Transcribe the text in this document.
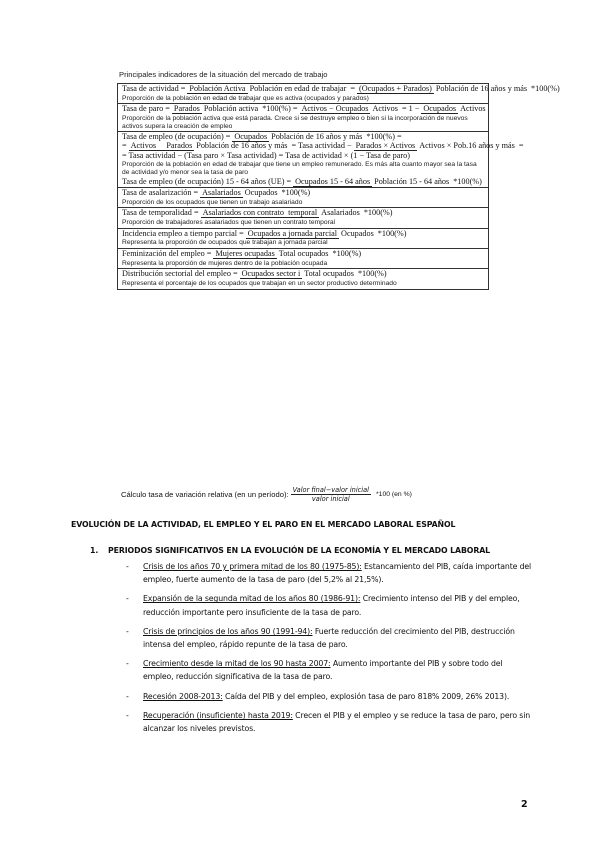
Principales indicadores de la situación del mercado de trabajo
Tasa de actividad = Población Activa Población en edad de trabajar = (Ocupados + Parados) Población de 16 años y más *100(%)
Proporción de la población en edad de trabajar que es activa (ocupados y parados)
Tasa de paro = Parados Población activa *100(%) = Activos − Ocupados Activos = 1 − Ocupados Activos
Proporción de la población activa que está parada. Crece si se destruye empleo o bien si la incorporación de nuevos activos supera la creación de empleo
Tasa de empleo (de ocupación) = Ocupados Población de 16 años y más *100(%) =
= Activos     Parados Población de 16 años y más = Tasa actividad − Parados × Activos Activos × Pob.16 años y más =
= Tasa actividad − (Tasa paro × Tasa actividad) = Tasa de actividad × (1 − Tasa de paro)
Proporción de la población en edad de trabajar que tiene un empleo remunerado. Es más alta cuanto mayor sea la tasa de actividad y/o menor sea la tasa de paro
Tasa de empleo (de ocupación) 15 - 64 años (UE) = Ocupados 15 - 64 años Población 15 - 64 años *100(%)
Tasa de asalarización = Asalariados Ocupados *100(%)
Proporción de los ocupados que tienen un trabajo asalariado
Tasa de temporalidad = Asalariados con contrato  temporal Asalariados *100(%)
Proporción de trabajadores asalariados que tienen un contrato temporal
Incidencia empleo a tiempo parcial = Ocupados a jornada parcial Ocupados *100(%)
Representa la proporción de ocupados que trabajan a jornada parcial
Feminización del empleo = Mujeres ocupadas Total ocupados *100(%)
Representa la proporción de mujeres dentro de la población ocupada
Distribución sectorial del empleo = Ocupados sector i Total ocupados *100(%)
Representa el porcentaje de los ocupados que trabajan en un sector productivo determinado
Cálculo tasa de variación relativa (en un período): $\frac{\text{Valor final−valor inicial}}{\text{valor inicial}} *100$ (en %)
EVOLUCIÓN DE LA ACTIVIDAD, EL EMPLEO Y EL PARO EN EL MERCADO LABORAL ESPAÑOL
1. PERIODOS SIGNIFICATIVOS EN LA EVOLUCIÓN DE LA ECONOMÍA Y EL MERCADO LABORAL
- Crisis de los años 70 y primera mitad de los 80 (1975-85): Estancamiento del PIB, caída importante del empleo, fuerte aumento de la tasa de paro (del 5,2% al 21,5%).
- Expansión de la segunda mitad de los años 80 (1986-91): Crecimiento intenso del PIB y del empleo, reducción importante pero insuficiente de la tasa de paro.
- Crisis de principios de los años 90 (1991-94): Fuerte reducción del crecimiento del PIB, destrucción intensa del empleo, rápido repunte de la tasa de paro.
- Crecimiento desde la mitad de los 90 hasta 2007: Aumento importante del PIB y sobre todo del empleo, reducción significativa de la tasa de paro.
- Recesión 2008-2013: Caída del PIB y del empleo, explosión tasa de paro 818% 2009, 26% 2013).
- Recuperación (insuficiente) hasta 2019: Crecen el PIB y el empleo y se reduce la tasa de paro, pero sin alcanzar los niveles previstos.
2
